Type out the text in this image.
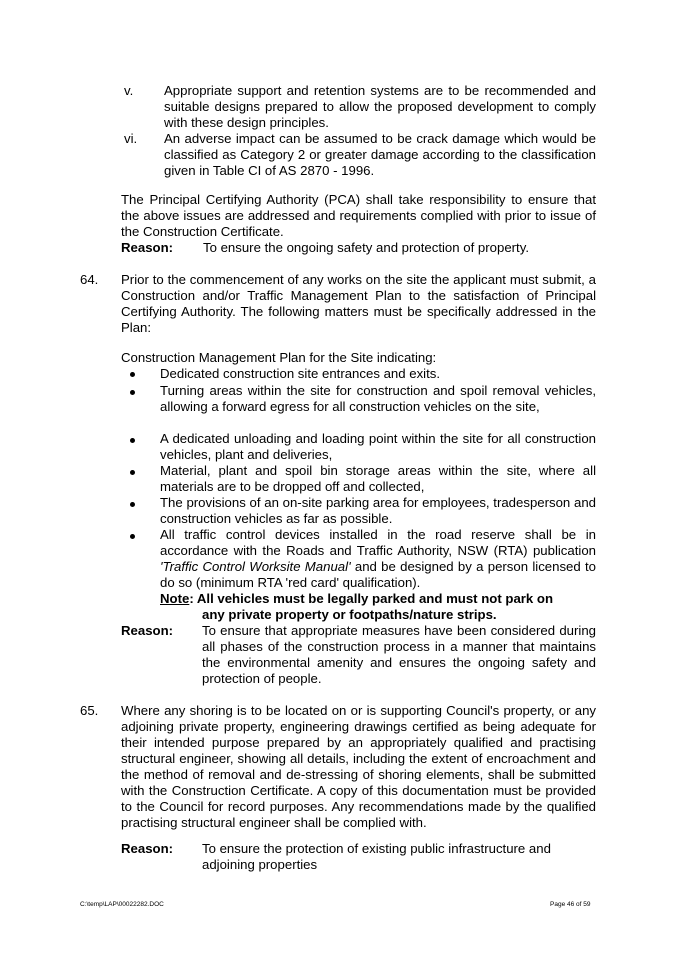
v. Appropriate support and retention systems are to be recommended and suitable designs prepared to allow the proposed development to comply with these design principles.
vi. An adverse impact can be assumed to be crack damage which would be classified as Category 2 or greater damage according to the classification given in Table CI of AS 2870 - 1996.
The Principal Certifying Authority (PCA) shall take responsibility to ensure that the above issues are addressed and requirements complied with prior to issue of the Construction Certificate.
Reason: To ensure the ongoing safety and protection of property.
64. Prior to the commencement of any works on the site the applicant must submit, a Construction and/or Traffic Management Plan to the satisfaction of Principal Certifying Authority. The following matters must be specifically addressed in the Plan:
Construction Management Plan for the Site indicating:
Dedicated construction site entrances and exits.
Turning areas within the site for construction and spoil removal vehicles, allowing a forward egress for all construction vehicles on the site,
A dedicated unloading and loading point within the site for all construction vehicles, plant and deliveries,
Material, plant and spoil bin storage areas within the site, where all materials are to be dropped off and collected,
The provisions of an on-site parking area for employees, tradesperson and construction vehicles as far as possible.
All traffic control devices installed in the road reserve shall be in accordance with the Roads and Traffic Authority, NSW (RTA) publication 'Traffic Control Worksite Manual' and be designed by a person licensed to do so (minimum RTA 'red card' qualification).
Note: All vehicles must be legally parked and must not park on
any private property or footpaths/nature strips.
Reason: To ensure that appropriate measures have been considered during all phases of the construction process in a manner that maintains the environmental amenity and ensures the ongoing safety and protection of people.
65. Where any shoring is to be located on or is supporting Council's property, or any adjoining private property, engineering drawings certified as being adequate for their intended purpose prepared by an appropriately qualified and practising structural engineer, showing all details, including the extent of encroachment and the method of removal and de-stressing of shoring elements, shall be submitted with the Construction Certificate. A copy of this documentation must be provided to the Council for record purposes. Any recommendations made by the qualified practising structural engineer shall be complied with.
Reason: To ensure the protection of existing public infrastructure and adjoining properties
C:\temp\LAP\00022282.DOC	Page 46 of 59
